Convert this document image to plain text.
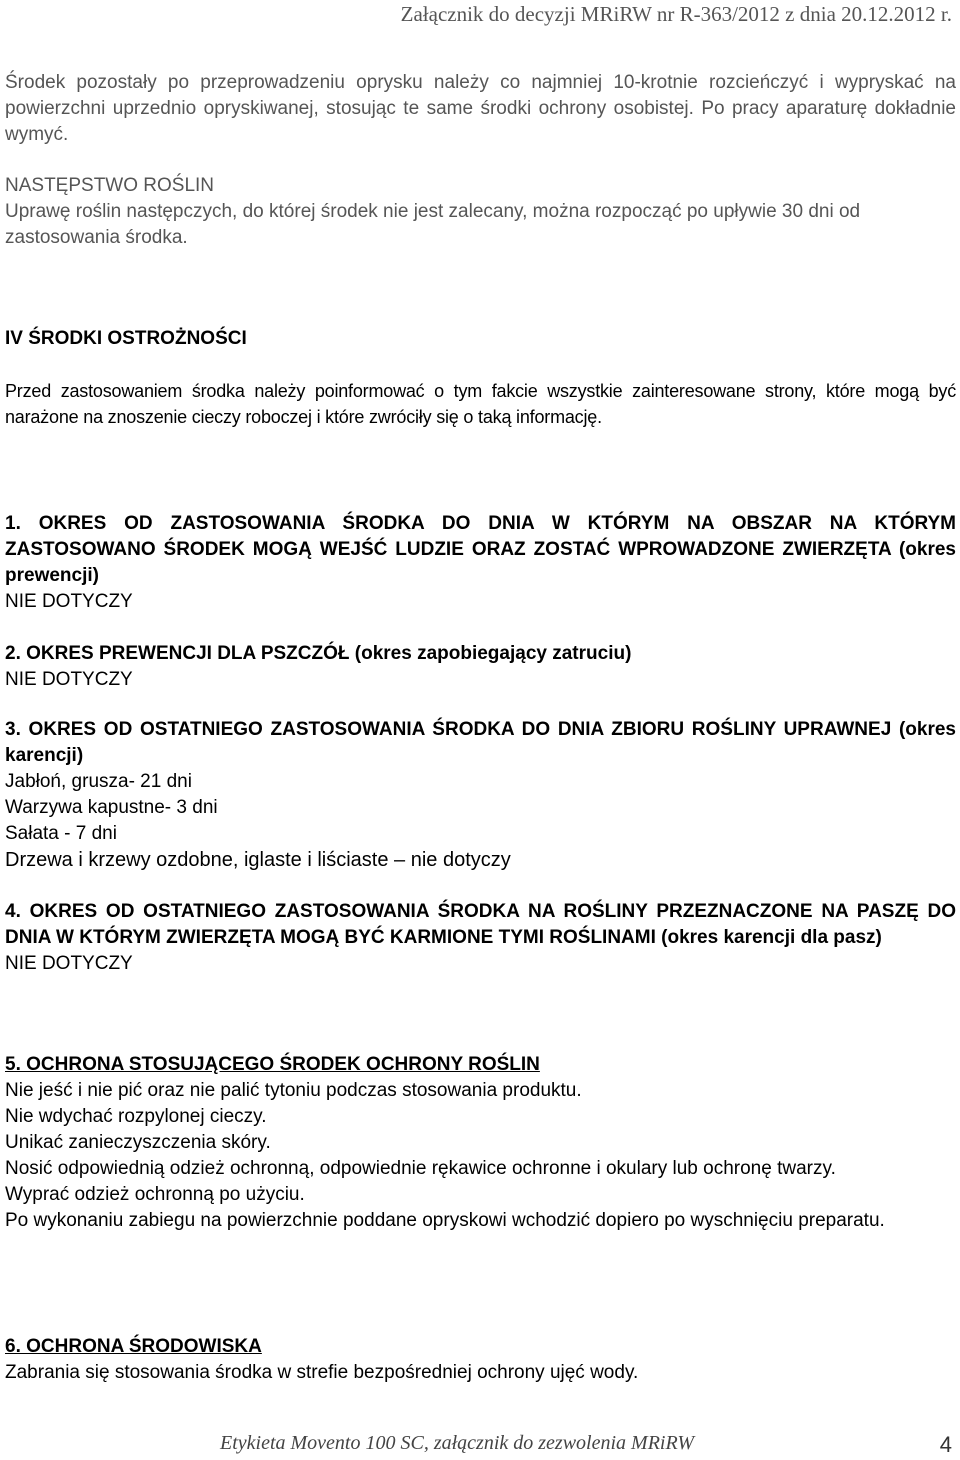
Załącznik do decyzji MRiRW nr R-363/2012 z dnia 20.12.2012 r.

Środek pozostały po przeprowadzeniu oprysku należy co najmniej 10-krotnie rozcieńczyć i wypryskać na powierzchni uprzednio opryskiwanej, stosując te same środki ochrony osobistej. Po pracy aparaturę dokładnie wymyć.

NASTĘPSTWO ROŚLIN
Uprawę roślin następczych, do której środek nie jest zalecany, można rozpocząć po upływie 30 dni od zastosowania środka.
IV ŚRODKI OSTROŻNOŚCI

Przed zastosowaniem środka należy poinformować o tym fakcie wszystkie zainteresowane strony, które mogą być narażone na znoszenie cieczy roboczej i które zwróciły się o taką informację.

1. OKRES OD ZASTOSOWANIA ŚRODKA DO DNIA W KTÓRYM NA OBSZAR NA KTÓRYM ZASTOSOWANO ŚRODEK MOGĄ WEJŚĆ LUDZIE ORAZ ZOSTAĆ WPROWADZONE ZWIERZĘTA (okres prewencji)
NIE DOTYCZY
2. OKRES PREWENCJI DLA PSZCZÓŁ (okres zapobiegający zatruciu)
NIE DOTYCZY
3. OKRES OD OSTATNIEGO ZASTOSOWANIA ŚRODKA DO DNIA ZBIORU ROŚLINY UPRAWNEJ (okres karencji)
Jabłoń, grusza- 21 dni
Warzywa kapustne- 3 dni
Sałata - 7 dni
Drzewa i krzewy ozdobne, iglaste i liściaste – nie dotyczy
4. OKRES OD OSTATNIEGO ZASTOSOWANIA ŚRODKA NA ROŚLINY PRZEZNACZONE NA PASZĘ DO DNIA W KTÓRYM ZWIERZĘTA MOGĄ BYĆ KARMIONE TYMI ROŚLINAMI (okres karencji dla pasz)
NIE DOTYCZY
5. OCHRONA STOSUJĄCEGO ŚRODEK OCHRONY ROŚLIN
Nie jeść i nie pić oraz nie palić tytoniu podczas stosowania produktu.
Nie wdychać rozpylonej cieczy.
Unikać zanieczyszczenia skóry.
Nosić odpowiednią odzież ochronną, odpowiednie rękawice ochronne i okulary lub ochronę twarzy.
Wyprać odzież ochronną po użyciu.
Po wykonaniu zabiegu na powierzchnie poddane opryskowi wchodzić dopiero po wyschnięciu preparatu.
6. OCHRONA ŚRODOWISKA
Zabrania się stosowania środka w strefie bezpośredniej ochrony ujęć wody.
Etykieta Movento 100 SC, załącznik do zezwolenia MRiRW	4
